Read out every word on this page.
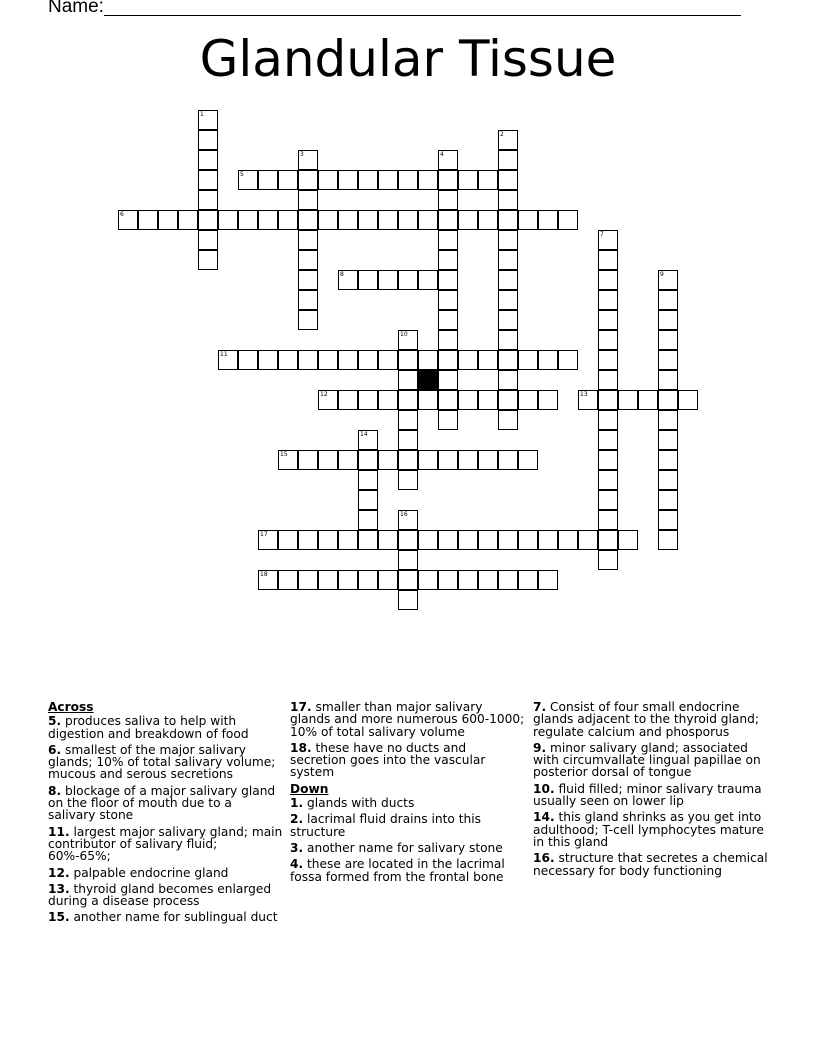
Name:
Glandular Tissue
1
2
3	4
5
6
7
8	9
10
11
12	13
14
15
16
17
18
Across
5. produces saliva to help with digestion and breakdown of food
6. smallest of the major salivary glands; 10% of total salivary volume; mucous and serous secretions
8. blockage of a major salivary gland on the floor of mouth due to a salivary stone
11. largest major salivary gland; main contributor of salivary fluid; 60%-65%;
12. palpable endocrine gland
13. thyroid gland becomes enlarged during a disease process
15. another name for sublingual duct
17. smaller than major salivary glands and more numerous 600-1000; 10% of total salivary volume
18. these have no ducts and secretion goes into the vascular system
Down
1. glands with ducts
2. lacrimal fluid drains into this structure
3. another name for salivary stone
4. these are located in the lacrimal fossa formed from the frontal bone
7. Consist of four small endocrine glands adjacent to the thyroid gland; regulate calcium and phosporus
9. minor salivary gland; associated with circumvallate lingual papillae on posterior dorsal of tongue
10. fluid filled; minor salivary trauma usually seen on lower lip
14. this gland shrinks as you get into adulthood; T-cell lymphocytes mature in this gland
16. structure that secretes a chemical necessary for body functioning
